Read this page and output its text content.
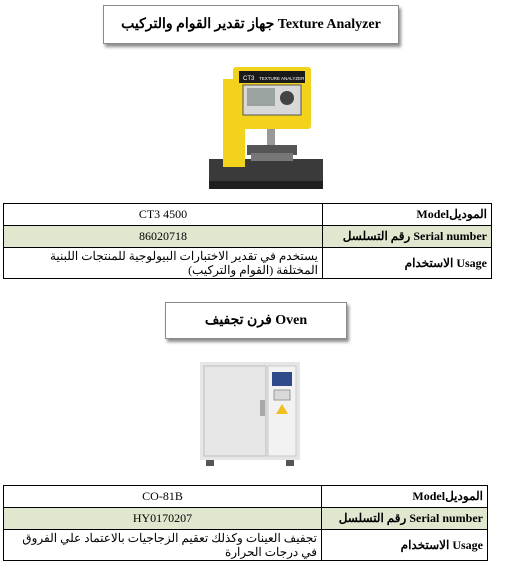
جهاز تقدير القوام والتركيب Texture Analyzer
CT3 TEXTURE ANALYZER
CT3 4500	Modelالموديل
86020718	رقم التسلسل Serial number
يستخدم في تقدير الاختبارات البيولوجية للمنتجات اللبنية المختلفة (القوام والتركيب)	الاستخدام Usage
فرن تجفيف Oven
CO-81B	Modelالموديل
HY0170207	رقم التسلسل Serial number
تجفيف العينات وكذلك تعقيم الزجاجيات بالاعتماد علي الفروق في درجات الحرارة	الاستخدام Usage
